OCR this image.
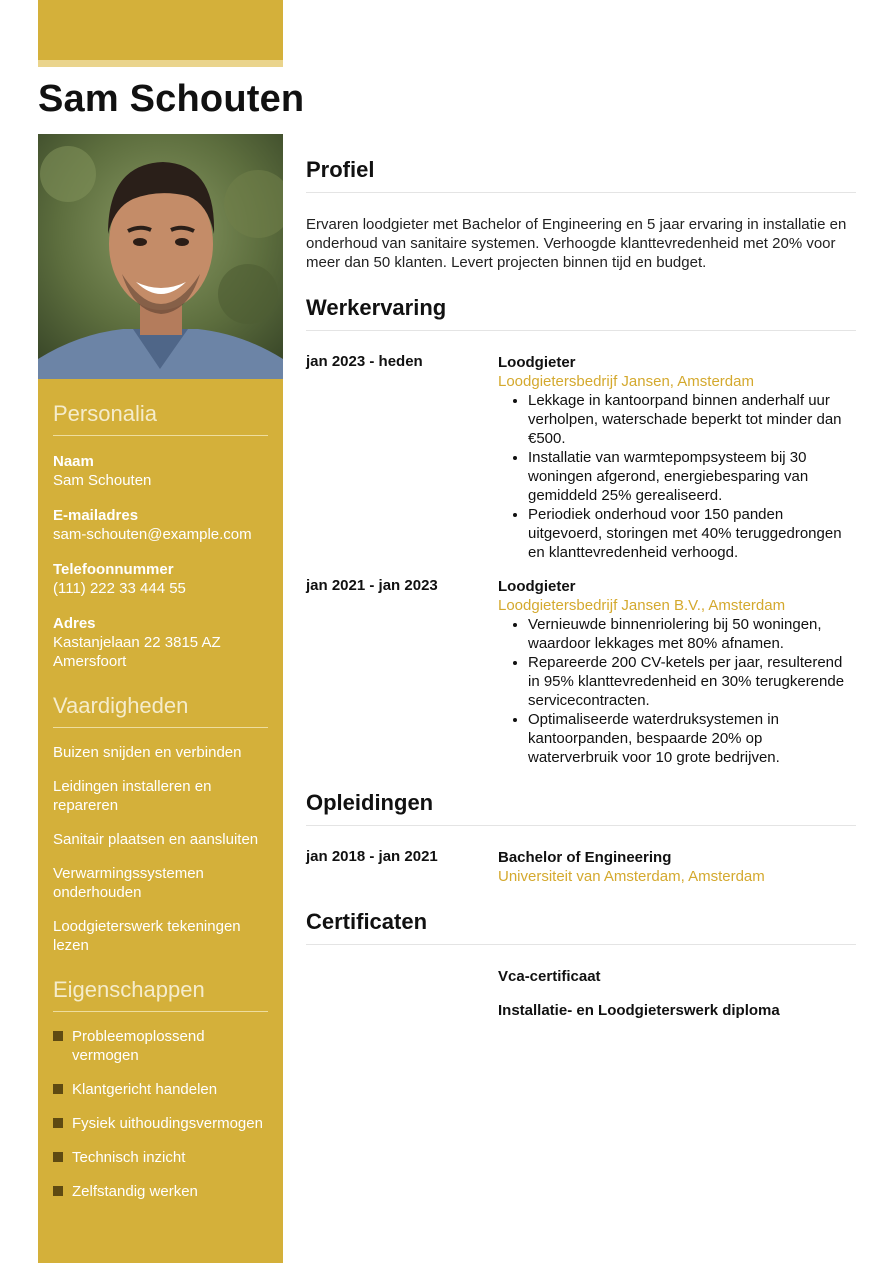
Sam Schouten
Personalia
Naam
Sam Schouten
E-mailadres
sam-schouten@example.com
Telefoonnummer
(111) 222 33 444 55
Adres
Kastanjelaan 22 3815 AZ Amersfoort
Vaardigheden
Buizen snijden en verbinden
Leidingen installeren en repareren
Sanitair plaatsen en aansluiten
Verwarmingssystemen onderhouden
Loodgieterswerk tekeningen lezen
Eigenschappen
Probleemoplossend vermogen
Klantgericht handelen
Fysiek uithoudingsvermogen
Technisch inzicht
Zelfstandig werken
Profiel
Ervaren loodgieter met Bachelor of Engineering en 5 jaar ervaring in installatie en onderhoud van sanitaire systemen. Verhoogde klanttevredenheid met 20% voor meer dan 50 klanten. Levert projecten binnen tijd en budget.
Werkervaring
jan 2023 - heden	Loodgieter
Loodgietersbedrijf Jansen, Amsterdam
• Lekkage in kantoorpand binnen anderhalf uur verholpen, waterschade beperkt tot minder dan €500.
• Installatie van warmtepompsysteem bij 30 woningen afgerond, energiebesparing van gemiddeld 25% gerealiseerd.
• Periodiek onderhoud voor 150 panden uitgevoerd, storingen met 40% teruggedrongen en klanttevredenheid verhoogd.
jan 2021 - jan 2023	Loodgieter
Loodgietersbedrijf Jansen B.V., Amsterdam
• Vernieuwde binnenriolering bij 50 woningen, waardoor lekkages met 80% afnamen.
• Repareerde 200 CV-ketels per jaar, resulterend in 95% klanttevredenheid en 30% terugkerende servicecontracten.
• Optimaliseerde waterdruksystemen in kantoorpanden, bespaarde 20% op waterverbruik voor 10 grote bedrijven.
Opleidingen
jan 2018 - jan 2021	Bachelor of Engineering
Universiteit van Amsterdam, Amsterdam
Certificaten
Vca-certificaat
Installatie- en Loodgieterswerk diploma
